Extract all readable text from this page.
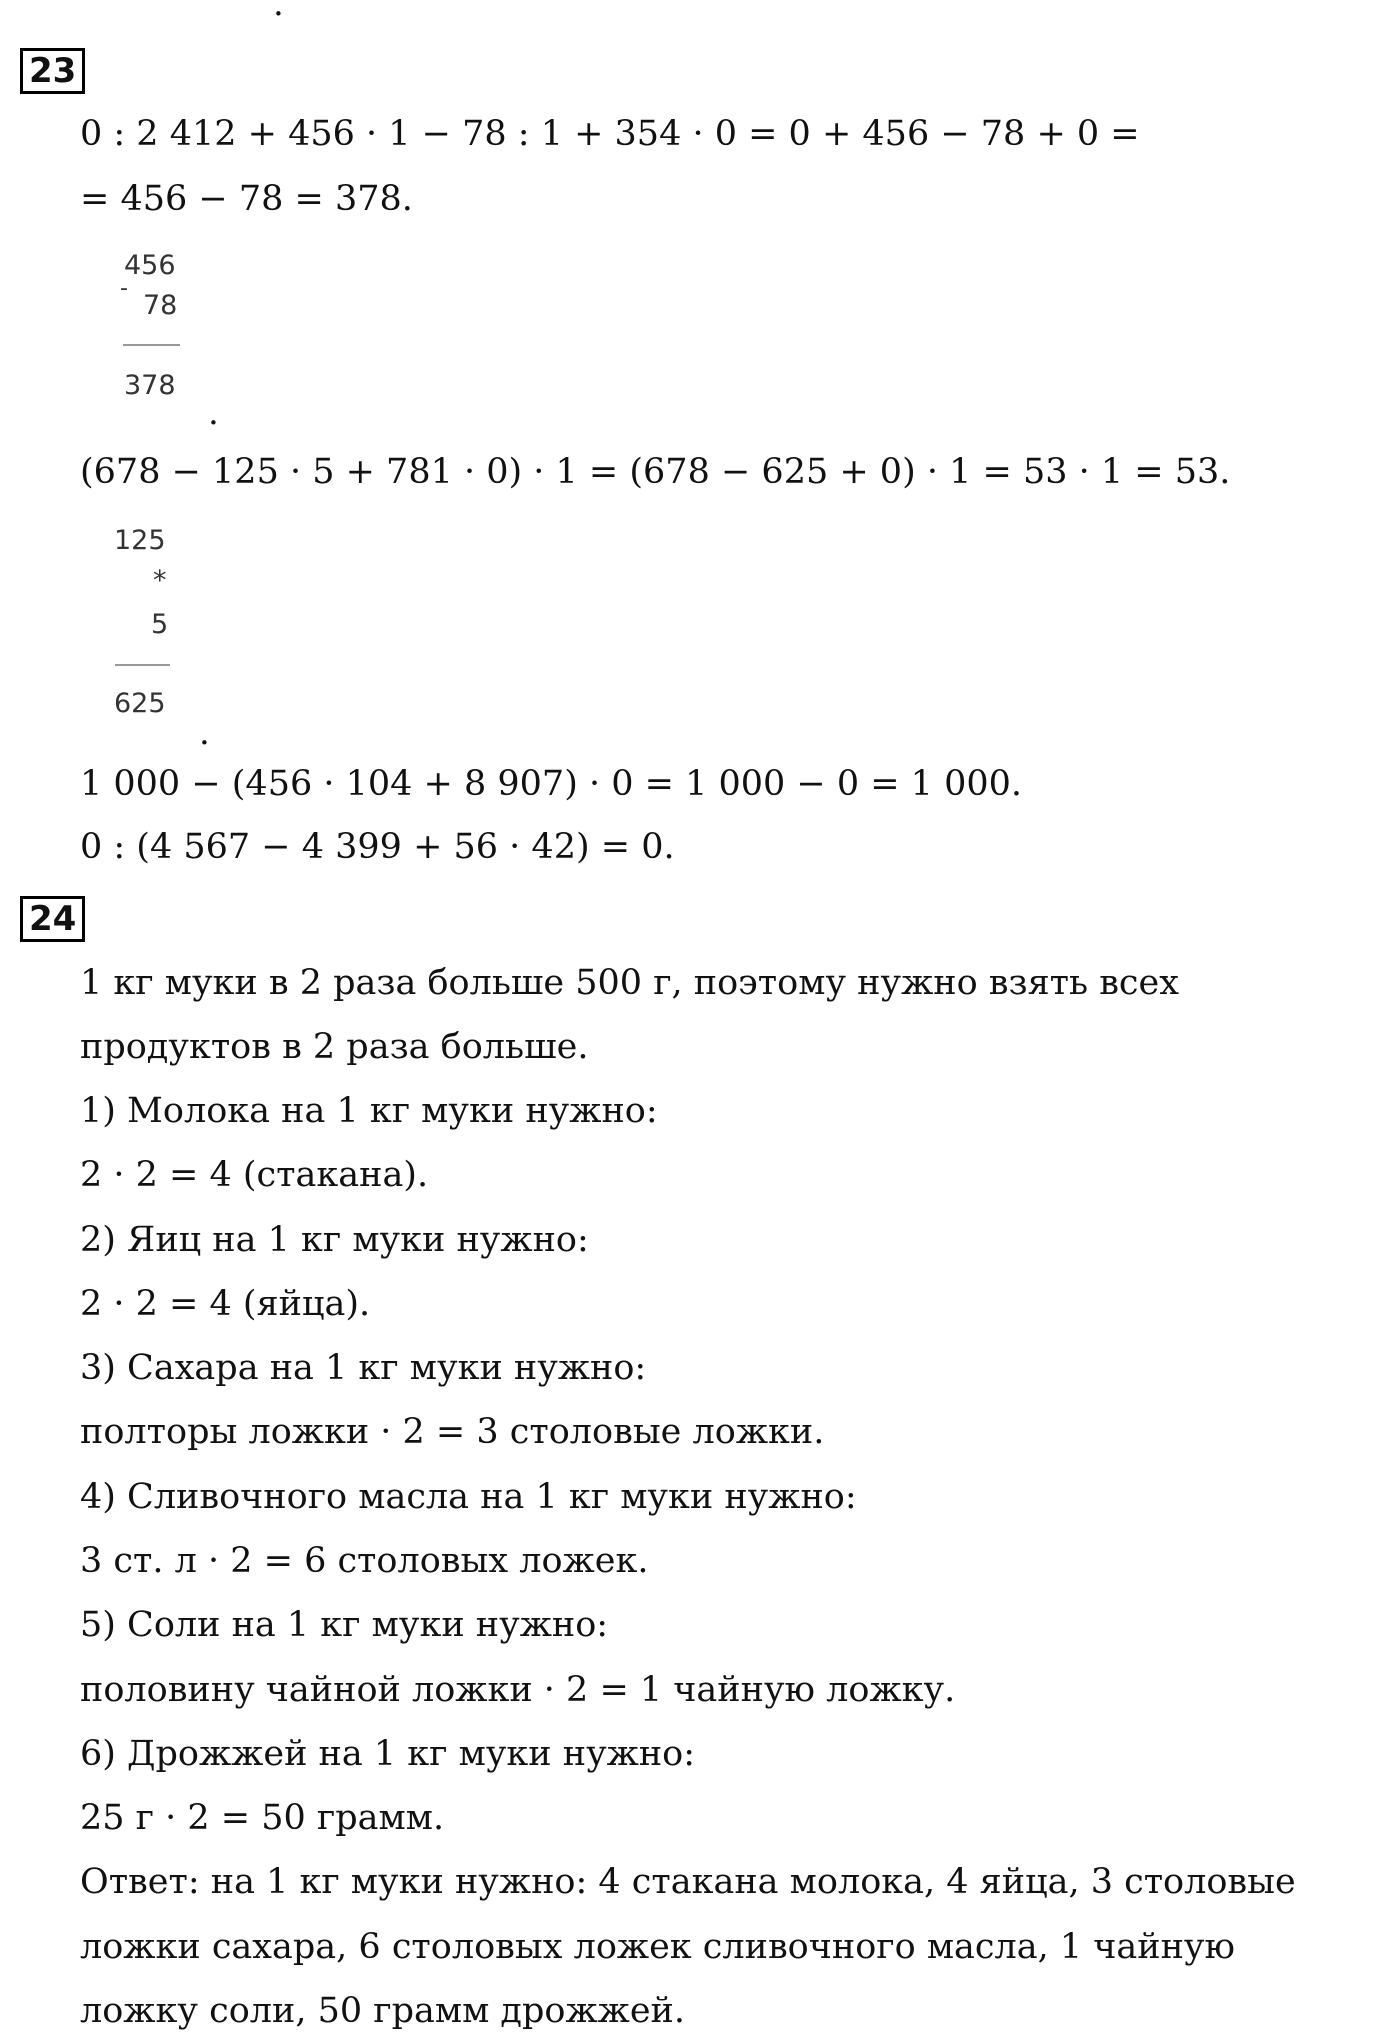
.
23
0 : 2 412 + 456 · 1 − 78 : 1 + 354 · 0 = 0 + 456 − 78 + 0 =
= 456 − 78 = 378.
456
-
78
378
.
(678 − 125 · 5 + 781 · 0) · 1 = (678 − 625 + 0) · 1 = 53 · 1 = 53.
125
*
5
625
.
1 000 − (456 · 104 + 8 907) · 0 = 1 000 − 0 = 1 000.
0 : (4 567 − 4 399 + 56 · 42) = 0.
24
1 кг муки в 2 раза больше 500 г, поэтому нужно взять всех
продуктов в 2 раза больше.
1) Молока на 1 кг муки нужно:
2 · 2 = 4 (стакана).
2) Яиц на 1 кг муки нужно:
2 · 2 = 4 (яйца).
3) Сахара на 1 кг муки нужно:
полторы ложки · 2 = 3 столовые ложки.
4) Сливочного масла на 1 кг муки нужно:
3 ст. л · 2 = 6 столовых ложек.
5) Соли на 1 кг муки нужно:
половину чайной ложки · 2 = 1 чайную ложку.
6) Дрожжей на 1 кг муки нужно:
25 г · 2 = 50 грамм.
Ответ: на 1 кг муки нужно: 4 стакана молока, 4 яйца, 3 столовые
ложки сахара, 6 столовых ложек сливочного масла, 1 чайную
ложку соли, 50 грамм дрожжей.
